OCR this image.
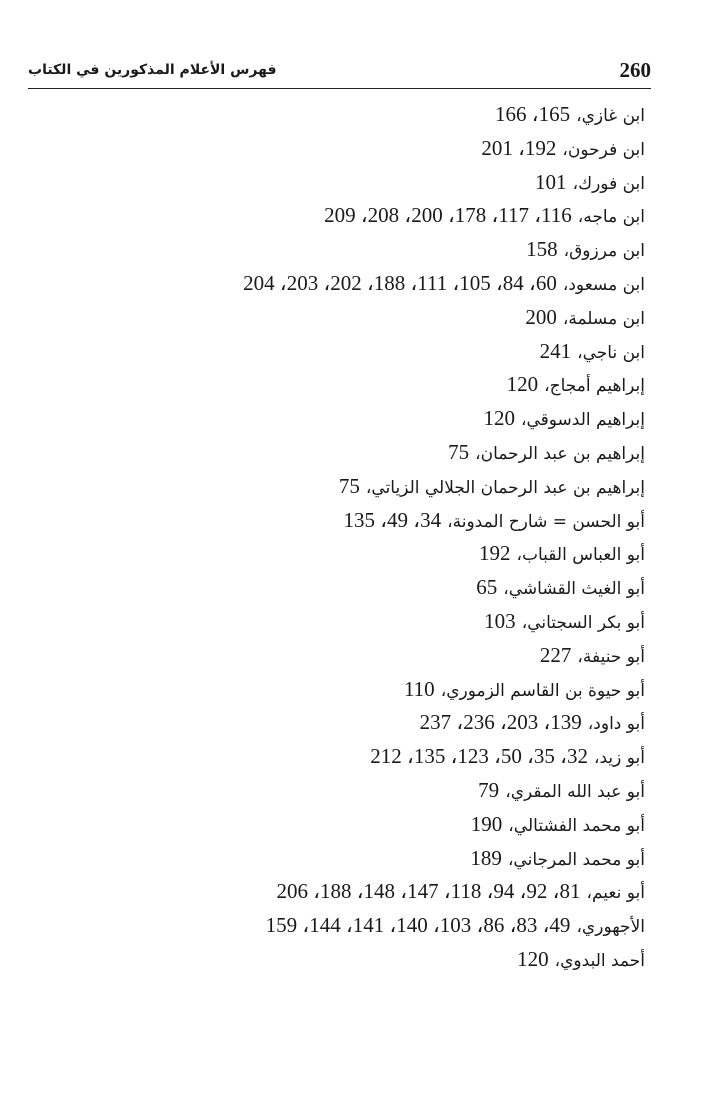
260
فهرس الأعلام المذكورين في الكتاب
ابن غازي، 165، 166
ابن فرحون، 192، 201
ابن فورك، 101
ابن ماجه، 116، 117، 178، 200، 208، 209
ابن مرزوق، 158
ابن مسعود، 60، 84، 105، 111، 188، 202، 203، 204
ابن مسلمة، 200
ابن ناجي، 241
إبراهيم أمجاج، 120
إبراهيم الدسوقي، 120
إبراهيم بن عبد الرحمان، 75
إبراهيم بن عبد الرحمان الجلالي الزياتي، 75
أبو الحسن = شارح المدونة، 34، 49، 135
أبو العباس القباب، 192
أبو الغيث القشاشي، 65
أبو بكر السجتاني، 103
أبو حنيفة، 227
أبو حيوة بن القاسم الزموري، 110
أبو داود، 139، 203، 236، 237
أبو زيد، 32، 35، 50، 123، 135، 212
أبو عبد الله المقري، 79
أبو محمد الفشتالي، 190
أبو محمد المرجاني، 189
أبو نعيم، 81، 92، 94، 118، 147، 148، 188، 206
الأجهوري، 49، 83، 86، 103، 140، 141، 144، 159
أحمد البدوي، 120
